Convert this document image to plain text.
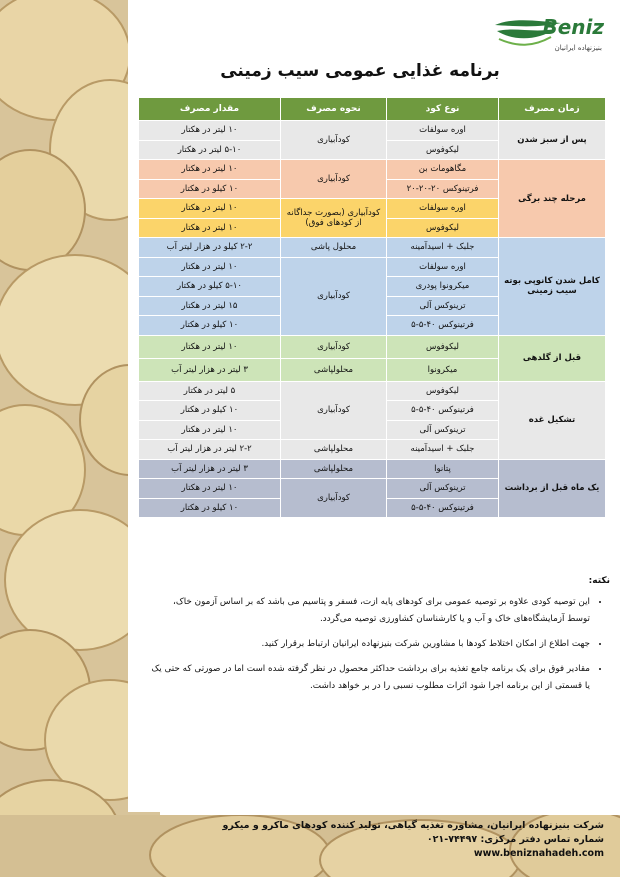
Beniz
بنیزنهاده ایرانیان
برنامه غذایی عمومی سیب زمینی
زمان مصرف	نوع کود	نحوه مصرف	مقدار مصرف
پس از سبز شدن	اوره سولفات	کودآبیاری	۱۰ لیتر در هکتار
	لیکوفوس		۵-۱۰ لیتر در هکتار
مرحله چند برگی	مگاهومات بن	کودآبیاری	۱۰ لیتر در هکتار
	فرتینوکس ۲۰-۲۰-۲۰		۱۰ کیلو در هکتار
	اوره سولفات	کودآبیاری (بصورت جداگانه از کودهای فوق)	۱۰ لیتر در هکتار
	لیکوفوس		۱۰ لیتر در هکتار
کامل شدن کانوپی بوته سیب زمینی	جلبک + اسیدآمینه	محلول پاشی	۲-۲ کیلو در هزار لیتر آب
	اوره سولفات	کودآبیاری	۱۰ لیتر در هکتار
	میکرونوا پودری		۵-۱۰ کیلو در هکتار
	ترینوکس آلی		۱۵ لیتر در هکتار
	فرتینوکس ۴۰-۵-۵		۱۰ کیلو در هکتار
قبل از گلدهی	لیکوفوس	کودآبیاری	۱۰ لیتر در هکتار
	میکرونوا	محلولپاشی	۳ لیتر در هزار لیتر آب
تشکیل غده	لیکوفوس	کودآبیاری	۵ لیتر در هکتار
	فرتینوکس ۴۰-۵-۵		۱۰ کیلو در هکتار
	ترینوکس آلی		۱۰ لیتر در هکتار
	جلبک + اسیدآمینه	محلولپاشی	۲-۲ لیتر در هزار لیتر آب
یک ماه قبل از برداشت	پتانوا	محلولپاشی	۳ لیتر در هزار لیتر آب
	ترینوکس آلی	کودآبیاری	۱۰ لیتر در هکتار
	فرتینوکس ۴۰-۵-۵		۱۰ کیلو در هکتار
نکته:
• این توصیه کودی علاوه بر توصیه عمومی برای کودهای پایه ازت، فسفر و پتاسیم می باشد که بر اساس آزمون خاک، توسط آزمایشگاه‌های خاک و آب و یا کارشناسان کشاورزی توصیه می‌گردد.
• جهت اطلاع از امکان اختلاط کودها با مشاورین شرکت بنیزنهاده ایرانیان ارتباط برقرار کنید.
• مقادیر فوق برای یک برنامه جامع تغذیه برای برداشت حداکثر محصول در نظر گرفته شده است اما در صورتی که حتی یک یا قسمتی از این برنامه اجرا شود اثرات مطلوب نسبی را در بر خواهد داشت.
شرکت بنیزنهاده ایرانیان، مشاوره تغذیه گیاهی، تولید کننده کودهای ماکرو و میکرو
شماره تماس دفتر مرکزی: ۷۴۴۹۷-۰۲۱
www.beniznahadeh.com
